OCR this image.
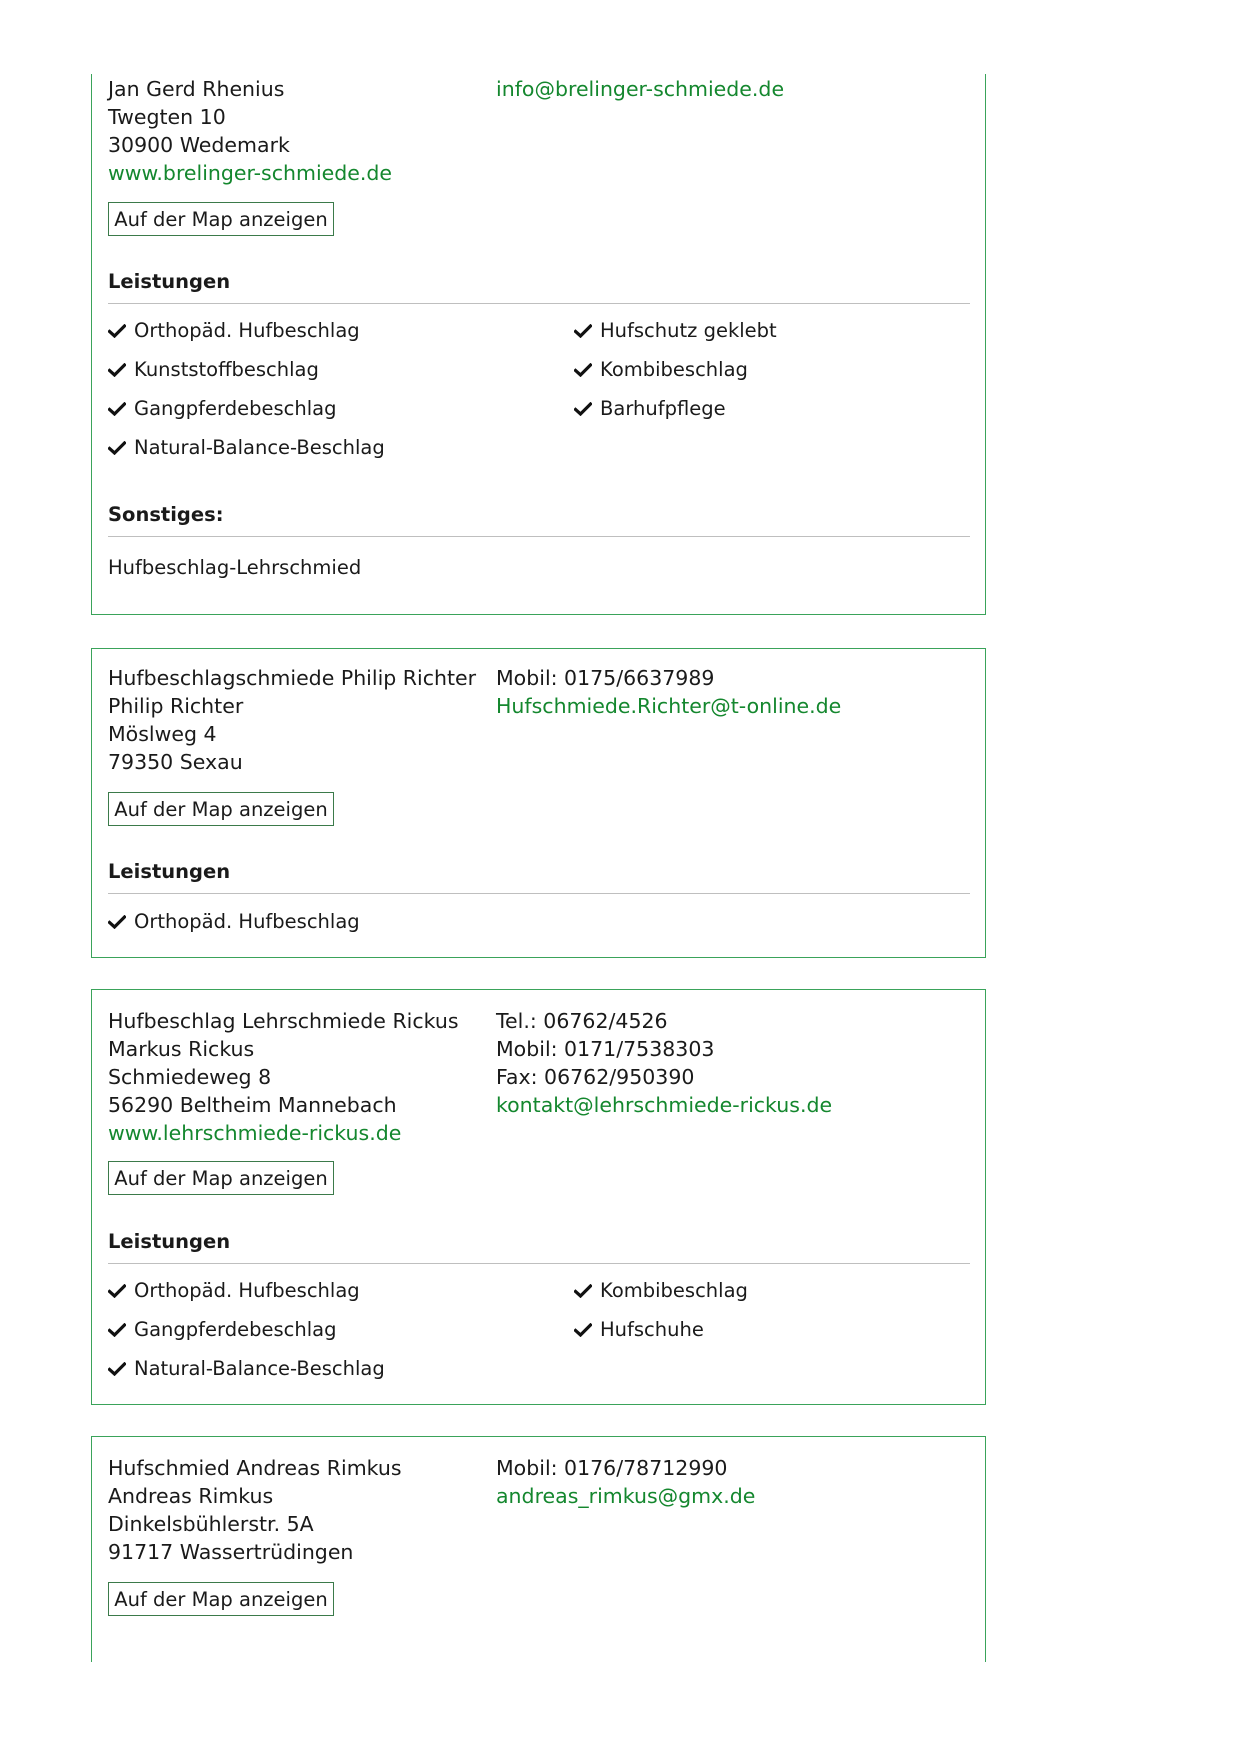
Jan Gerd Rhenius
Twegten 10
30900 Wedemark
www.brelinger-schmiede.de
info@brelinger-schmiede.de
Auf der Map anzeigen
Leistungen
Orthopäd. Hufbeschlag
Kunststoffbeschlag
Gangpferdebeschlag
Natural-Balance-Beschlag
Hufschutz geklebt
Kombibeschlag
Barhufpflege
Sonstiges:
Hufbeschlag-Lehrschmied
Hufbeschlagschmiede Philip Richter
Philip Richter
Möslweg 4
79350 Sexau
Mobil: 0175/6637989
Hufschmiede.Richter@t-online.de
Auf der Map anzeigen
Leistungen
Orthopäd. Hufbeschlag
Hufbeschlag Lehrschmiede Rickus
Markus Rickus
Schmiedeweg 8
56290 Beltheim Mannebach
www.lehrschmiede-rickus.de
Tel.: 06762/4526
Mobil: 0171/7538303
Fax: 06762/950390
kontakt@lehrschmiede-rickus.de
Auf der Map anzeigen
Leistungen
Orthopäd. Hufbeschlag
Gangpferdebeschlag
Natural-Balance-Beschlag
Kombibeschlag
Hufschuhe
Hufschmied Andreas Rimkus
Andreas Rimkus
Dinkelsbühlerstr. 5A
91717 Wassertrüdingen
Mobil: 0176/78712990
andreas_rimkus@gmx.de
Auf der Map anzeigen
